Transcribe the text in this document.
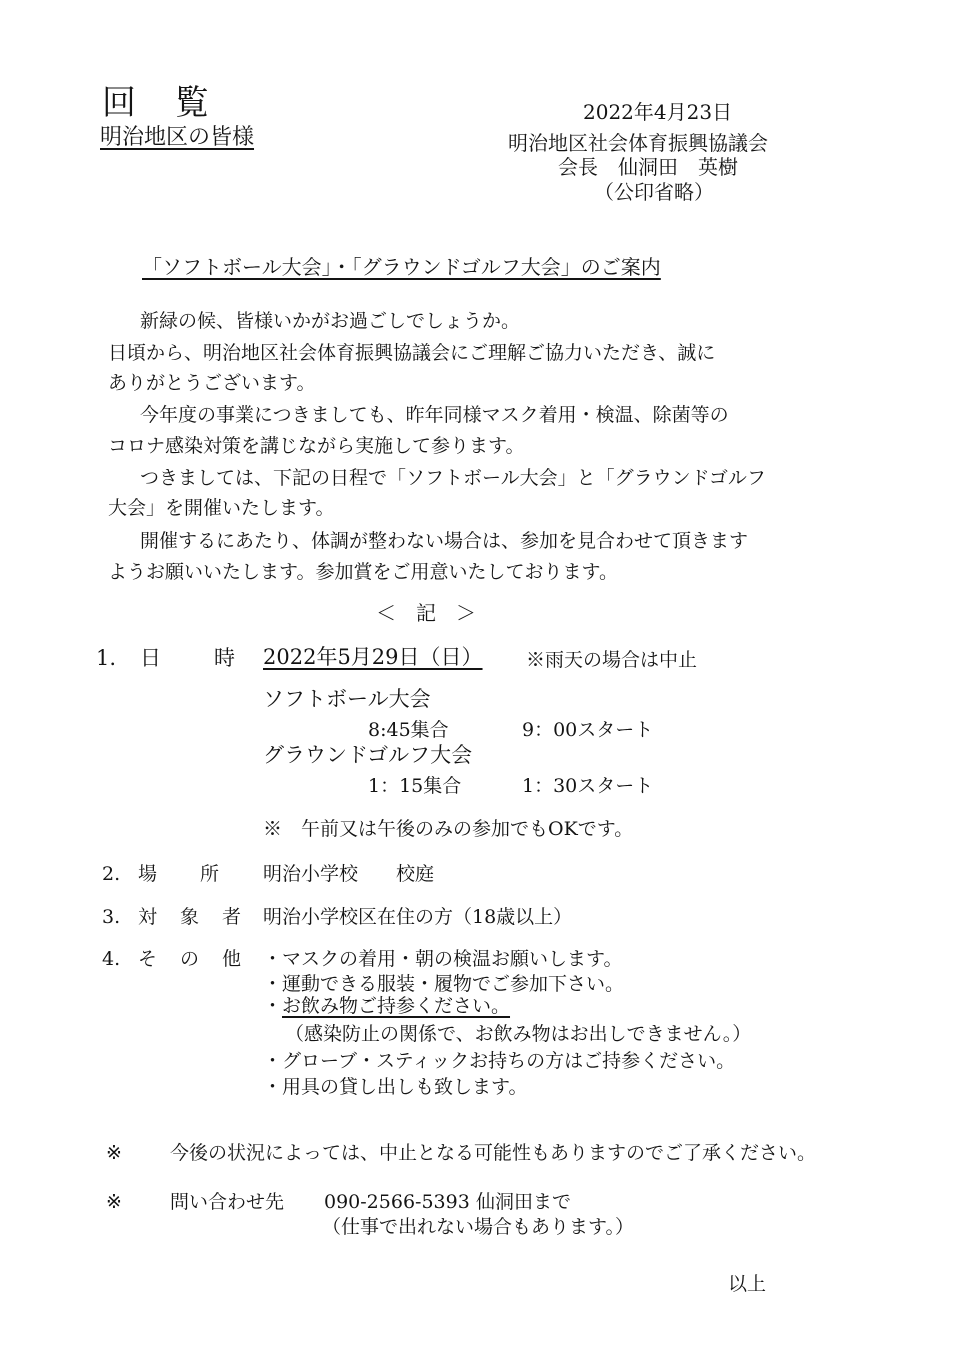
回 覧
明治地区の皆様
2022年4月23日
明治地区社会体育振興協議会
会長　仙洞田　英樹
（公印省略）
「ソフトボール大会」・「グラウンドゴルフ大会」のご案内
新緑の候、皆様いかがお過ごしでしょうか。
日頃から、明治地区社会体育振興協議会にご理解ご協力いただき、誠に
ありがとうございます。
今年度の事業につきましても、昨年同様マスク着用・検温、除菌等の
コロナ感染対策を講じながら実施して参ります。
つきましては、下記の日程で「ソフトボール大会」と「グラウンドゴルフ
大会」を開催いたします。
開催するにあたり、体調が整わない場合は、参加を見合わせて頂きます
ようお願いいたします。参加賞をご用意いたしております。
＜　記　＞
1. 日	時 2022年5月29日（日） ※雨天の場合は中止
ソフトボール大会
8:45集合	9：00スタート
グラウンドゴルフ大会
1：15集合	1：30スタート
※　午前又は午後のみの参加でもOKです。
2. 場 所 明治小学校　　校庭
3. 対 象 者 明治小学校区在住の方（18歳以上）
4. そ の 他 ・マスクの着用・朝の検温お願いします。
・運動できる服装・履物でご参加下さい。
・ お飲み物ご持参ください。
（感染防止の関係で、お飲み物はお出しできません。）
・グローブ・スティックお持ちの方はご持参ください。
・用具の貸し出しも致します。
※	今後の状況によっては、中止となる可能性もありますのでご了承ください。
※	問い合わせ先 090-2566-5393 仙洞田まで
（仕事で出れない場合もあります。）
以上
